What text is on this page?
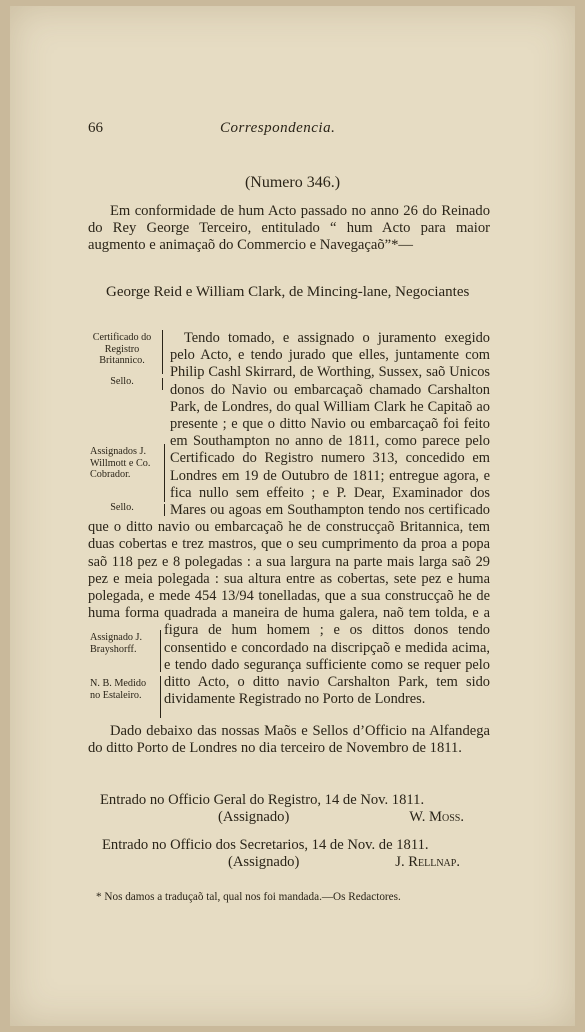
66	Correspondencia.
(Numero 346.)
Em conformidade de hum Acto passado no anno 26 do Reinado do Rey George Terceiro, entitulado “ hum Acto para maior augmento e animaçaõ do Commercio e Navegaçaõ”*—
George Reid e William Clark, de Mincing-lane, Negociantes
Certificado do Registro Britannico.
Sello.
Assignados J. Willmott e Co. Cobrador.
Sello.
Assignado J. Brayshorff.
N. B. Medido no Estaleiro.

Tendo tomado, e assignado o juramento exegido pelo Acto, e tendo jurado que elles, juntamente com Philip Cashl Skirrard, de Worthing, Sussex, saõ Unicos donos do Navio ou embarcaçaõ chamado Carshalton Park, de Londres, do qual William Clark he Capitaõ ao presente ; e que o ditto Navio ou embarcaçaõ foi feito em Southampton no anno de 1811, como parece pelo Certificado do Registro numero 313, concedido em Londres em 19 de Outubro de 1811; entregue agora, e fica nullo sem effeito ; e P. Dear, Examinador dos Mares ou agoas em Southampton tendo nos certificado que o ditto navio ou embarcaçaõ he de construcçaõ Britannica, tem duas cobertas e trez mastros, que o seu cumprimento da proa a popa saõ 118 pez e 8 polegadas : a sua largura na parte mais larga saõ 29 pez e meia polegada : sua altura entre as cobertas, sete pez e huma polegada, e mede 454 13/94 tonelladas, que a sua construcçaõ he de huma forma quadrada a maneira de huma galera, naõ tem tolda, e a figura de hum homem ; e os dittos donos tendo consentido e concordado na discripçaõ e medida acima, e tendo dado segurança sufficiente como se requer pelo ditto Acto, o ditto navio Carshalton Park, tem sido dividamente Registrado no Porto de Londres.

Dado debaixo das nossas Maõs e Sellos d’Officio na Alfandega do ditto Porto de Londres no dia terceiro de Novembro de 1811.
Entrado no Officio Geral do Registro, 14 de Nov. 1811.
(Assignado)	W. Moss.
Entrado no Officio dos Secretarios, 14 de Nov. de 1811.
(Assignado)	J. Rellnap.
* Nos damos a traduçaõ tal, qual nos foi mandada.—Os Redactores.
